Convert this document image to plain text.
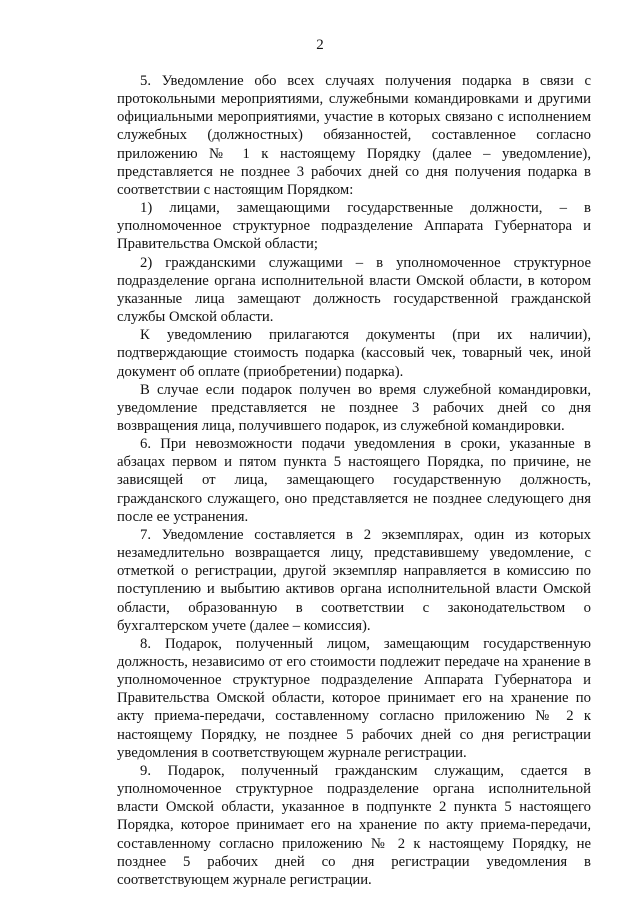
2

5. Уведомление обо всех случаях получения подарка в связи с протокольными мероприятиями, служебными командировками и другими официальными мероприятиями, участие в которых связано с исполнением служебных (должностных) обязанностей, составленное согласно приложению № 1 к настоящему Порядку (далее – уведомление), представляется не позднее 3 рабочих дней со дня получения подарка в соответствии с настоящим Порядком:

1) лицами, замещающими государственные должности, – в уполномоченное структурное подразделение Аппарата Губернатора и Правительства Омской области;

2) гражданскими служащими – в уполномоченное структурное подразделение органа исполнительной власти Омской области, в котором указанные лица замещают должность государственной гражданской службы Омской области.

К уведомлению прилагаются документы (при их наличии), подтверждающие стоимость подарка (кассовый чек, товарный чек, иной документ об оплате (приобретении) подарка).

В случае если подарок получен во время служебной командировки, уведомление представляется не позднее 3 рабочих дней со дня возвращения лица, получившего подарок, из служебной командировки.

6. При невозможности подачи уведомления в сроки, указанные в абзацах первом и пятом пункта 5 настоящего Порядка, по причине, не зависящей от лица, замещающего государственную должность, гражданского служащего, оно представляется не позднее следующего дня после ее устранения.

7. Уведомление составляется в 2 экземплярах, один из которых незамедлительно возвращается лицу, представившему уведомление, с отметкой о регистрации, другой экземпляр направляется в комиссию по поступлению и выбытию активов органа исполнительной власти Омской области, образованную в соответствии с законодательством о бухгалтерском учете (далее – комиссия).

8. Подарок, полученный лицом, замещающим государственную должность, независимо от его стоимости подлежит передаче на хранение в уполномоченное структурное подразделение Аппарата Губернатора и Правительства Омской области, которое принимает его на хранение по акту приема-передачи, составленному согласно приложению № 2 к настоящему Порядку, не позднее 5 рабочих дней со дня регистрации уведомления в соответствующем журнале регистрации.

9. Подарок, полученный гражданским служащим, сдается в уполномоченное структурное подразделение органа исполнительной власти Омской области, указанное в подпункте 2 пункта 5 настоящего Порядка, которое принимает его на хранение по акту приема-передачи, составленному согласно приложению № 2 к настоящему Порядку, не позднее 5 рабочих дней со дня регистрации уведомления в соответствующем журнале регистрации.
